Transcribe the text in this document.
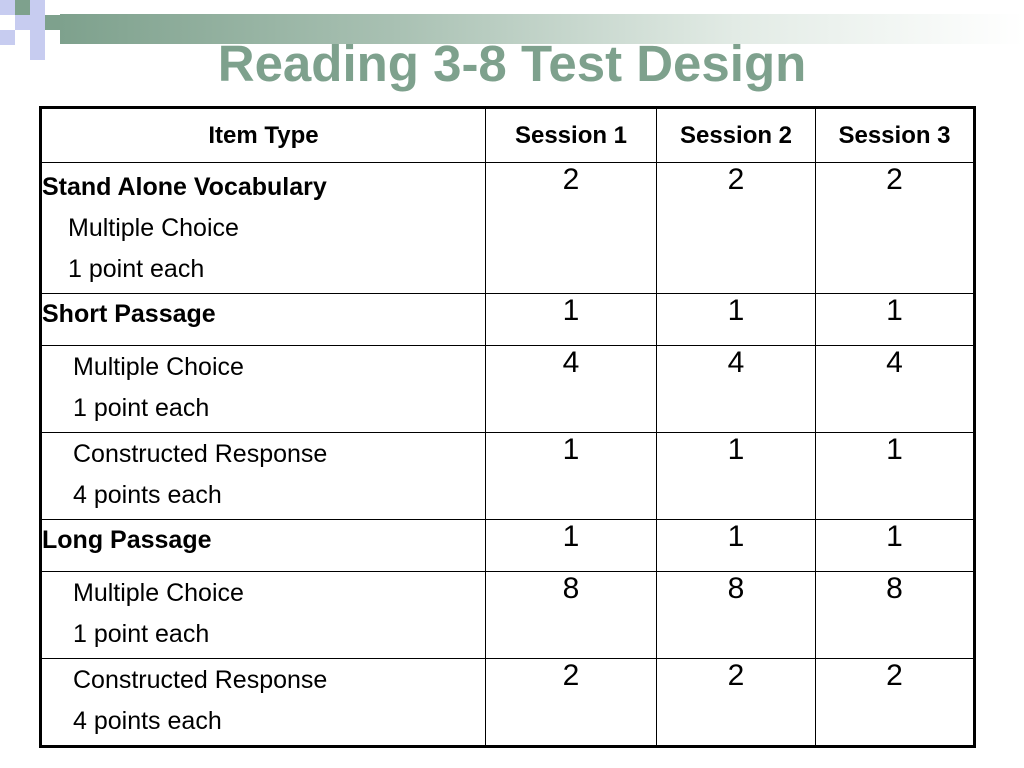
Reading 3-8 Test Design
Item Type	Session 1	Session 2	Session 3

Stand Alone Vocabulary
Multiple Choice
1 point each	2	2	2

Short Passage	1	1	1

Multiple Choice
1 point each	4	4	4

Constructed Response
4 points each	1	1	1

Long Passage	1	1	1

Multiple Choice
1 point each	8	8	8

Constructed Response
4 points each	2	2	2
